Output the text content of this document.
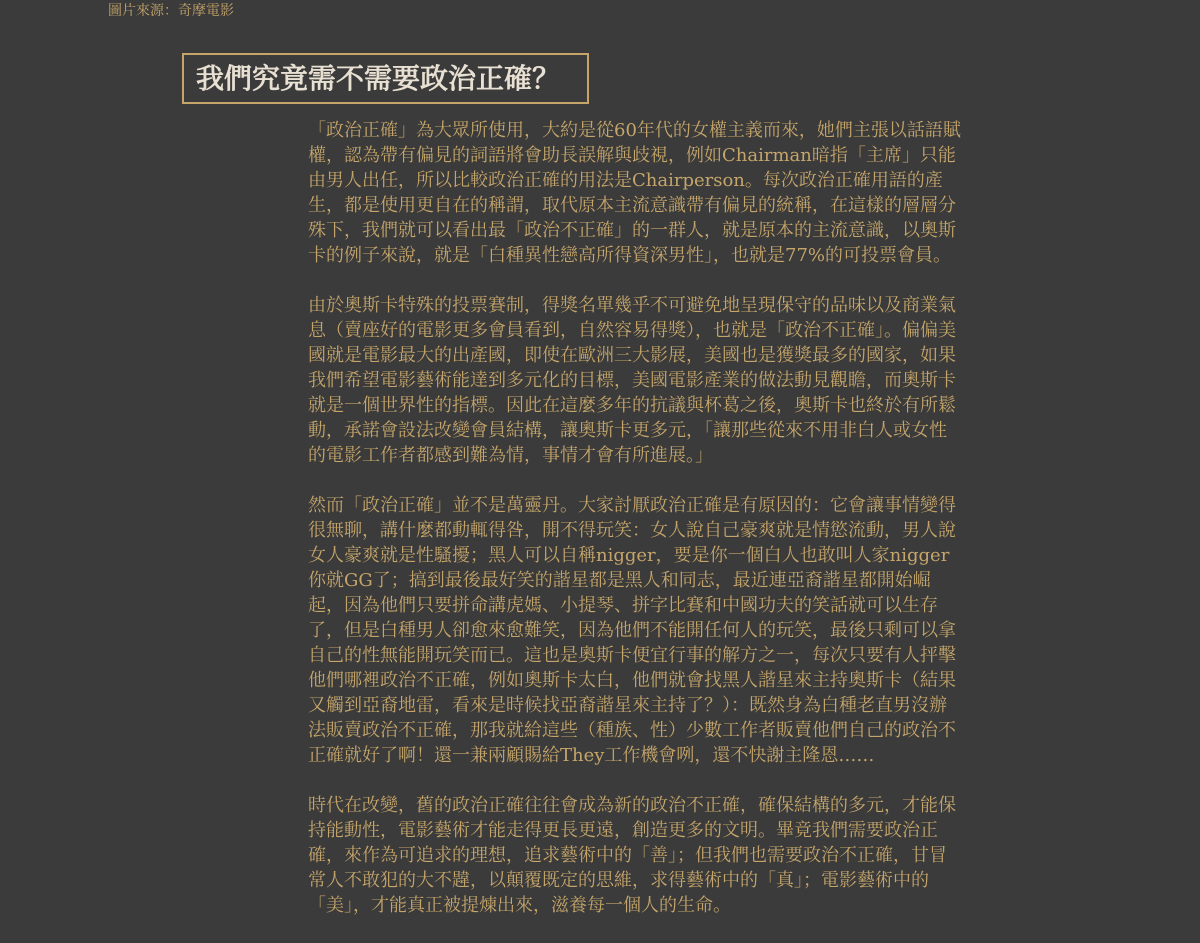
圖片來源：奇摩電影
我們究竟需不需要政治正確？

「政治正確」為大眾所使用，大約是從60年代的女權主義而來，她們主張以話語賦權，認為帶有偏見的詞語將會助長誤解與歧視，例如Chairman暗指「主席」只能由男人出任，所以比較政治正確的用法是Chairperson。每次政治正確用語的產生，都是使用更自在的稱謂，取代原本主流意識帶有偏見的統稱，在這樣的層層分殊下，我們就可以看出最「政治不正確」的一群人，就是原本的主流意識，以奧斯卡的例子來說，就是「白種異性戀高所得資深男性」，也就是77%的可投票會員。

由於奧斯卡特殊的投票賽制，得獎名單幾乎不可避免地呈現保守的品味以及商業氣息（賣座好的電影更多會員看到，自然容易得獎），也就是「政治不正確」。偏偏美國就是電影最大的出產國，即使在歐洲三大影展，美國也是獲獎最多的國家，如果我們希望電影藝術能達到多元化的目標，美國電影產業的做法動見觀瞻，而奧斯卡就是一個世界性的指標。因此在這麼多年的抗議與杯葛之後，奧斯卡也終於有所鬆動，承諾會設法改變會員結構，讓奧斯卡更多元，「讓那些從來不用非白人或女性的電影工作者都感到難為情，事情才會有所進展。」

然而「政治正確」並不是萬靈丹。大家討厭政治正確是有原因的：它會讓事情變得很無聊，講什麼都動輒得咎，開不得玩笑：女人說自己豪爽就是情慾流動，男人說女人豪爽就是性騷擾；黑人可以自稱nigger，要是你一個白人也敢叫人家nigger你就GG了；搞到最後最好笑的諧星都是黑人和同志，最近連亞裔諧星都開始崛起，因為他們只要拼命講虎媽、小提琴、拼字比賽和中國功夫的笑話就可以生存了，但是白種男人卻愈來愈難笑，因為他們不能開任何人的玩笑，最後只剩可以拿自己的性無能開玩笑而已。這也是奧斯卡便宜行事的解方之一，每次只要有人抨擊他們哪裡政治不正確，例如奧斯卡太白，他們就會找黑人諧星來主持奧斯卡（結果又觸到亞裔地雷，看來是時候找亞裔諧星來主持了？）：既然身為白種老直男沒辦法販賣政治不正確，那我就給這些（種族、性）少數工作者販賣他們自己的政治不正確就好了啊！還一兼兩顧賜給They工作機會咧，還不快謝主隆恩……

時代在改變，舊的政治正確往往會成為新的政治不正確，確保結構的多元，才能保持能動性，電影藝術才能走得更長更遠，創造更多的文明。畢竟我們需要政治正確，來作為可追求的理想，追求藝術中的「善」；但我們也需要政治不正確，甘冒常人不敢犯的大不韙，以顛覆既定的思維，求得藝術中的「真」；電影藝術中的「美」，才能真正被提煉出來，滋養每一個人的生命。
